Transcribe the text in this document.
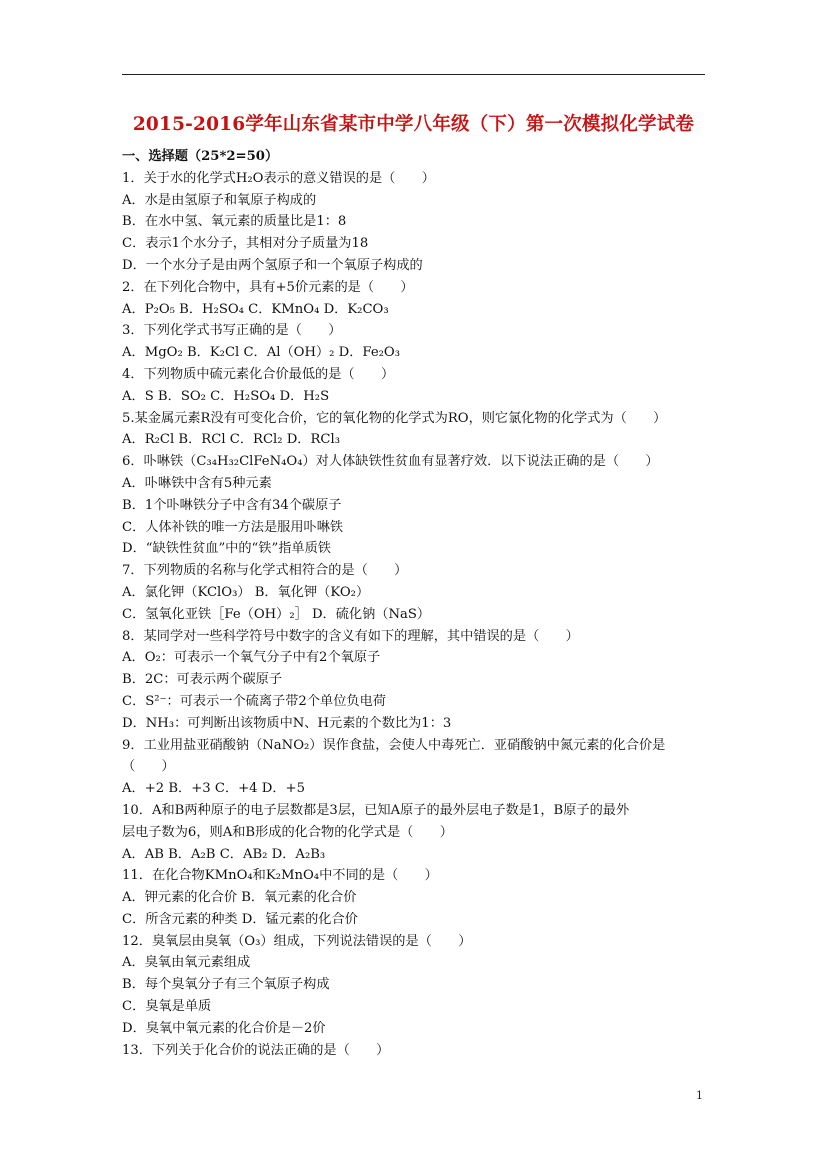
2015-2016学年山东省某市中学八年级（下）第一次模拟化学试卷
一、选择题（25*2=50）
1．关于水的化学式H₂O表示的意义错误的是（　　）
A．水是由氢原子和氧原子构成的
B．在水中氢、氧元素的质量比是1：8
C．表示1个水分子，其相对分子质量为18
D．一个水分子是由两个氢原子和一个氧原子构成的
2．在下列化合物中，具有+5价元素的是（　　）
A．P₂O₅ B．H₂SO₄ C．KMnO₄ D．K₂CO₃
3．下列化学式书写正确的是（　　）
A．MgO₂ B．K₂Cl C．Al（OH）₂ D．Fe₂O₃
4．下列物质中硫元素化合价最低的是（　　）
A．S B．SO₂ C．H₂SO₄ D．H₂S
5.某金属元素R没有可变化合价，它的氧化物的化学式为RO，则它氯化物的化学式为（　　）
A．R₂Cl B．RCl C．RCl₂ D．RCl₃
6．卟啉铁（C₃₄H₃₂ClFeN₄O₄）对人体缺铁性贫血有显著疗效．以下说法正确的是（　　）
A．卟啉铁中含有5种元素
B．1个卟啉铁分子中含有34个碳原子
C．人体补铁的唯一方法是服用卟啉铁
D．“缺铁性贫血”中的“铁”指单质铁
7．下列物质的名称与化学式相符合的是（　　）
A．氯化钾（KClO₃） B．氧化钾（KO₂）
C．氢氧化亚铁［Fe（OH）₂］ D．硫化钠（NaS）
8．某同学对一些科学符号中数字的含义有如下的理解，其中错误的是（　　）
A．O₂：可表示一个氧气分子中有2个氧原子
B．2C：可表示两个碳原子
C．S²⁻：可表示一个硫离子带2个单位负电荷
D．NH₃：可判断出该物质中N、H元素的个数比为1：3
9．工业用盐亚硝酸钠（NaNO₂）误作食盐，会使人中毒死亡．亚硝酸钠中氮元素的化合价是
（　　）
A．+2 B．+3 C．+4 D．+5
10．A和B两种原子的电子层数都是3层，已知A原子的最外层电子数是1，B原子的最外
层电子数为6，则A和B形成的化合物的化学式是（　　）
A．AB B．A₂B C．AB₂ D．A₂B₃
11．在化合物KMnO₄和K₂MnO₄中不同的是（　　）
A．钾元素的化合价 B．氧元素的化合价
C．所含元素的种类 D．锰元素的化合价
12．臭氧层由臭氧（O₃）组成，下列说法错误的是（　　）
A．臭氧由氧元素组成
B．每个臭氧分子有三个氧原子构成
C．臭氧是单质
D．臭氧中氧元素的化合价是－2价
13．下列关于化合价的说法正确的是（　　）
1
